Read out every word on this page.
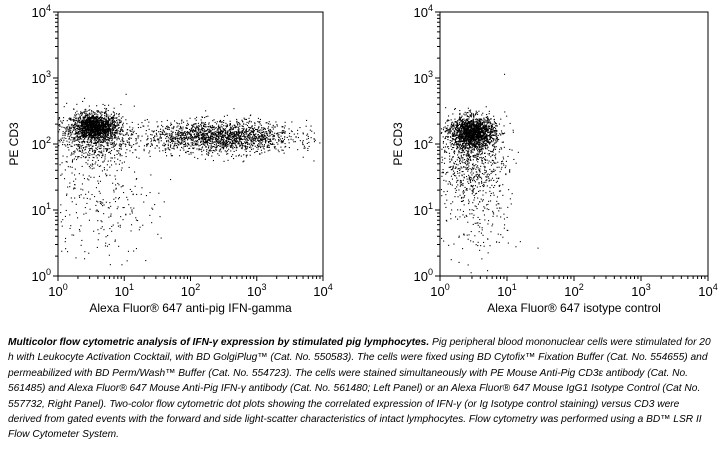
$10^0$	$10^1$	$10^2$	$10^3$	$10^4$
$10^0$
$10^1$
$10^2$
$10^3$
$10^4$
Alexa Fluor® 647 anti-pig IFN-gamma
PE CD3
$10^0$	$10^1$	$10^2$	$10^3$	$10^4$
$10^0$
$10^1$
$10^2$
$10^3$
$10^4$
Alexa Fluor® 647 isotype control
PE CD3
Multicolor flow cytometric analysis of IFN-γ expression by stimulated pig lymphocytes. Pig peripheral blood mononuclear cells were stimulated for 20 h with Leukocyte Activation Cocktail, with BD GolgiPlug™ (Cat. No. 550583). The cells were fixed using BD Cytofix™ Fixation Buffer (Cat. No. 554655) and permeabilized with BD Perm/Wash™ Buffer (Cat. No. 554723). The cells were stained simultaneously with PE Mouse Anti-Pig CD3ε antibody (Cat. No. 561485) and Alexa Fluor® 647 Mouse Anti-Pig IFN-γ antibody (Cat. No. 561480; Left Panel) or an Alexa Fluor® 647 Mouse IgG1 Isotype Control (Cat No. 557732, Right Panel). Two-color flow cytometric dot plots showing the correlated expression of IFN-γ (or Ig Isotype control staining) versus CD3 were derived from gated events with the forward and side light-scatter characteristics of intact lymphocytes. Flow cytometry was performed using a BD™ LSR II Flow Cytometer System.
